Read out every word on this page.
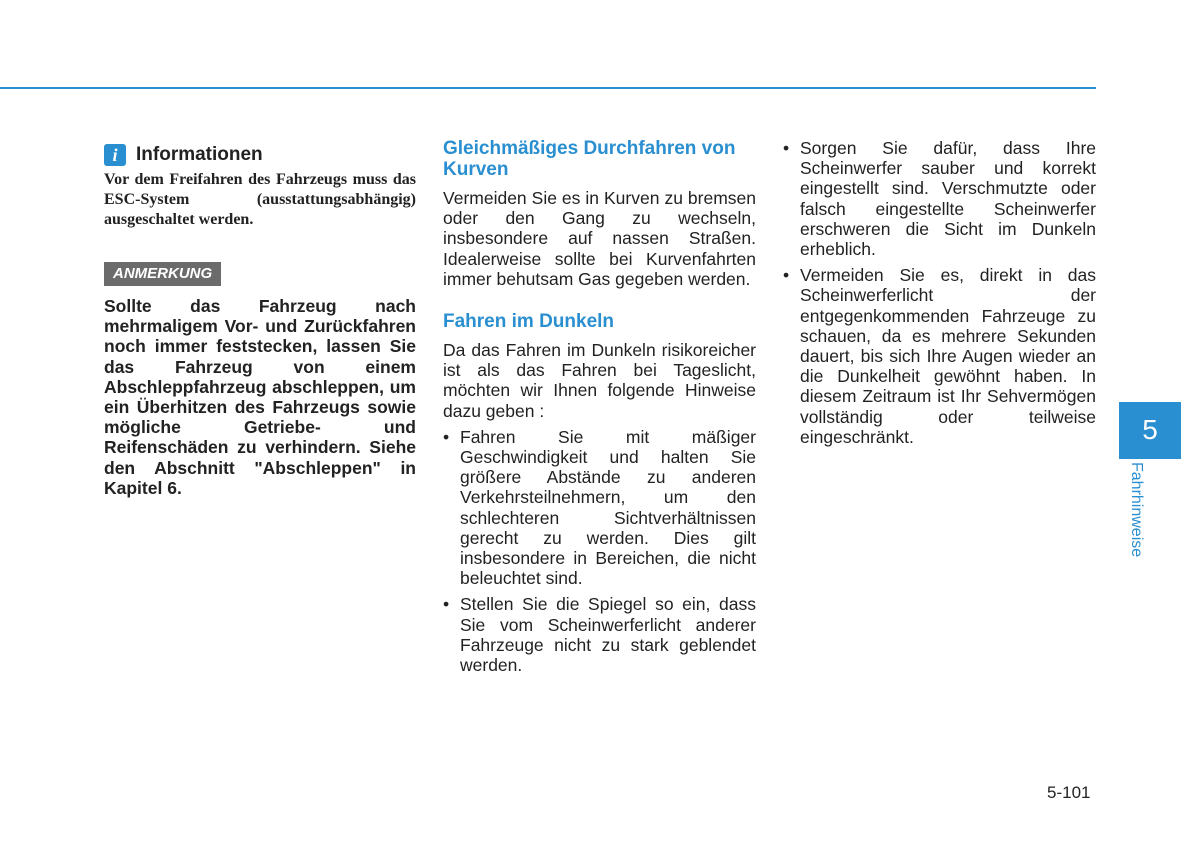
i Informationen
Vor dem Freifahren des Fahrzeugs muss das ESC-System (ausstattungsabhängig) ausgeschaltet werden.
ANMERKUNG
Sollte das Fahrzeug nach mehrmaligem Vor- und Zurückfahren noch immer feststecken, lassen Sie das Fahrzeug von einem Abschleppfahrzeug abschleppen, um ein Überhitzen des Fahrzeugs sowie mögliche Getriebe- und Reifenschäden zu verhindern. Siehe den Abschnitt "Abschleppen" in Kapitel 6.
Gleichmäßiges Durchfahren von Kurven
Vermeiden Sie es in Kurven zu bremsen oder den Gang zu wechseln, insbesondere auf nassen Straßen. Idealerweise sollte bei Kurvenfahrten immer behutsam Gas gegeben werden.
Fahren im Dunkeln
Da das Fahren im Dunkeln risikoreicher ist als das Fahren bei Tageslicht, möchten wir Ihnen folgende Hinweise dazu geben :
• Fahren Sie mit mäßiger Geschwindigkeit und halten Sie größere Abstände zu anderen Verkehrsteilnehmern, um den schlechteren Sichtverhältnissen gerecht zu werden. Dies gilt insbesondere in Bereichen, die nicht beleuchtet sind.
• Stellen Sie die Spiegel so ein, dass Sie vom Scheinwerferlicht anderer Fahrzeuge nicht zu stark geblendet werden.
• Sorgen Sie dafür, dass Ihre Scheinwerfer sauber und korrekt eingestellt sind. Verschmutzte oder falsch eingestellte Scheinwerfer erschweren die Sicht im Dunkeln erheblich.
• Vermeiden Sie es, direkt in das Scheinwerferlicht der entgegenkommenden Fahrzeuge zu schauen, da es mehrere Sekunden dauert, bis sich Ihre Augen wieder an die Dunkelheit gewöhnt haben. In diesem Zeitraum ist Ihr Sehvermögen vollständig oder teilweise eingeschränkt.	5
Fahrhinweise
5-101
